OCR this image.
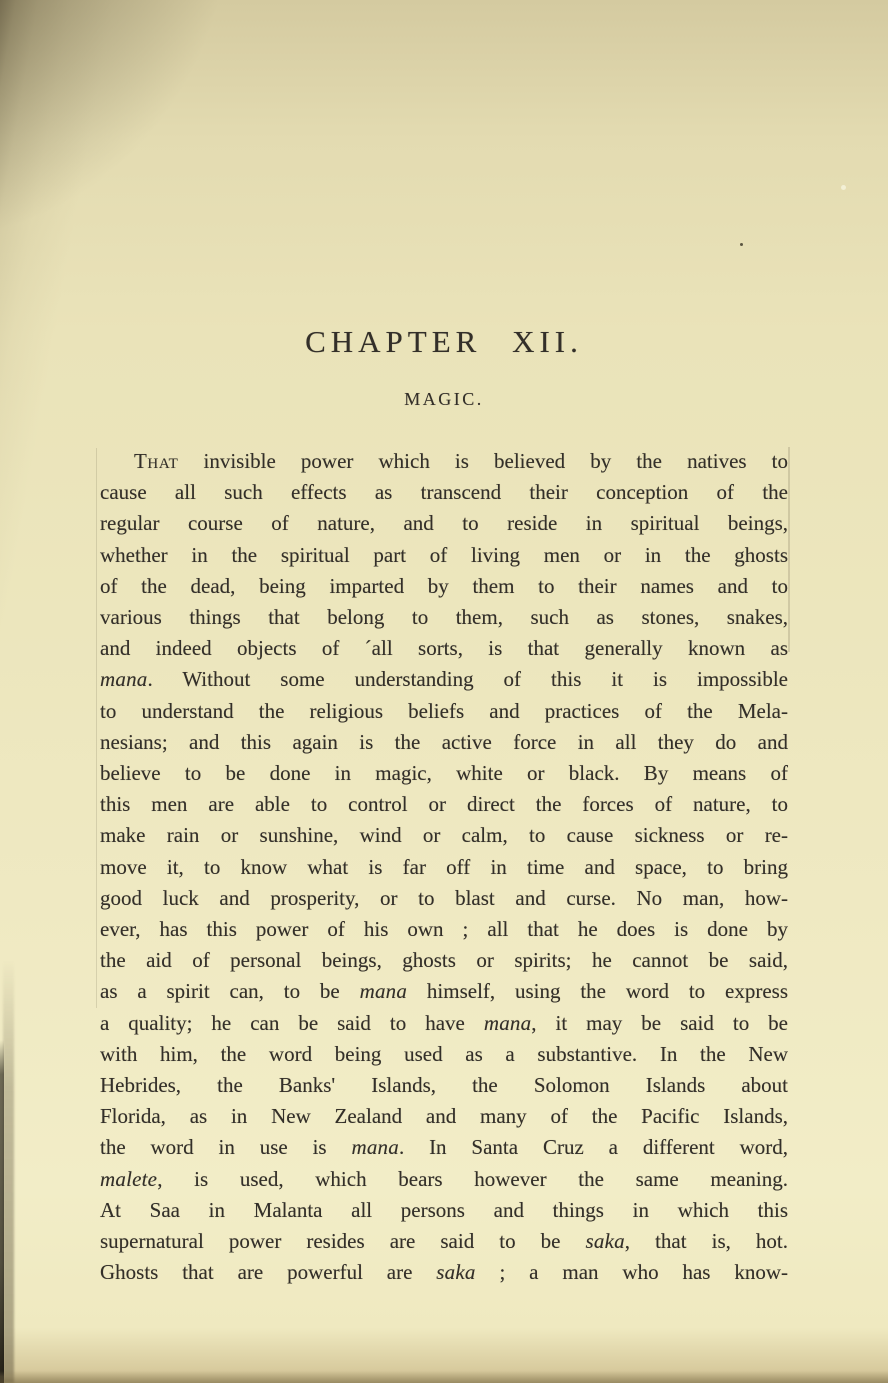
CHAPTER XII.
MAGIC.
That invisible power which is believed by the natives to
cause all such effects as transcend their conception of the
regular course of nature, and to reside in spiritual beings,
whether in the spiritual part of living men or in the ghosts
of the dead, being imparted by them to their names and to
various things that belong to them, such as stones, snakes,
and indeed objects of ´all sorts, is that generally known as
mana. Without some understanding of this it is impossible
to understand the religious beliefs and practices of the Mela-
nesians; and this again is the active force in all they do and
believe to be done in magic, white or black. By means of
this men are able to control or direct the forces of nature, to
make rain or sunshine, wind or calm, to cause sickness or re-
move it, to know what is far off in time and space, to bring
good luck and prosperity, or to blast and curse. No man, how-
ever, has this power of his own ; all that he does is done by
the aid of personal beings, ghosts or spirits; he cannot be said,
as a spirit can, to be mana himself, using the word to express
a quality; he can be said to have mana, it may be said to be
with him, the word being used as a substantive. In the New
Hebrides, the Banks' Islands, the Solomon Islands about
Florida, as in New Zealand and many of the Pacific Islands,
the word in use is mana. In Santa Cruz a different word,
malete, is used, which bears however the same meaning.
At Saa in Malanta all persons and things in which this
supernatural power resides are said to be saka, that is, hot.
Ghosts that are powerful are saka ; a man who has know-
